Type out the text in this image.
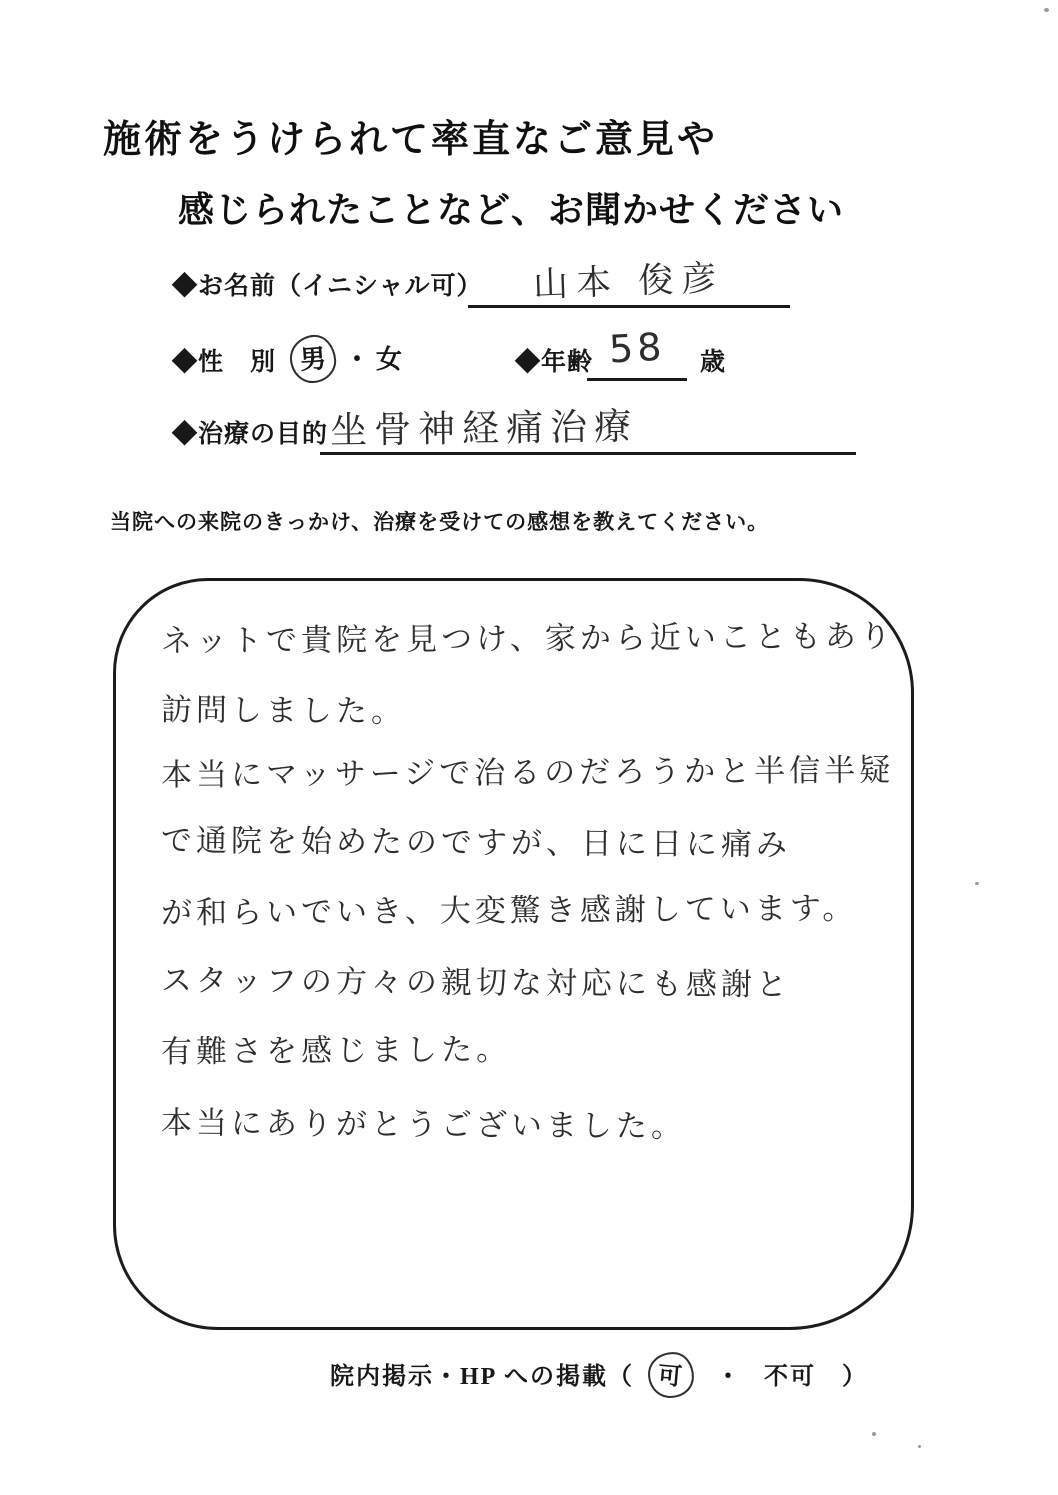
施術をうけられて率直なご意見や
感じられたことなど、お聞かせください
◆お名前（イニシャル可）	山本 俊彦
◆性　別 男 ・ 女	◆年齢 58	歳
◆治療の目的 坐骨神経痛治療
当院への来院のきっかけ、治療を受けての感想を教えてください。
ネットで貴院を見つけ、家から近いこともあり
訪問しました。
本当にマッサージで治るのだろうかと半信半疑
で通院を始めたのですが、日に日に痛み
が和らいでいき、大変驚き感謝しています。
スタッフの方々の親切な対応にも感謝と
有難さを感じました。
本当にありがとうございました。
院内掲示・HP への掲載（ 可 ・ 不可 ）
